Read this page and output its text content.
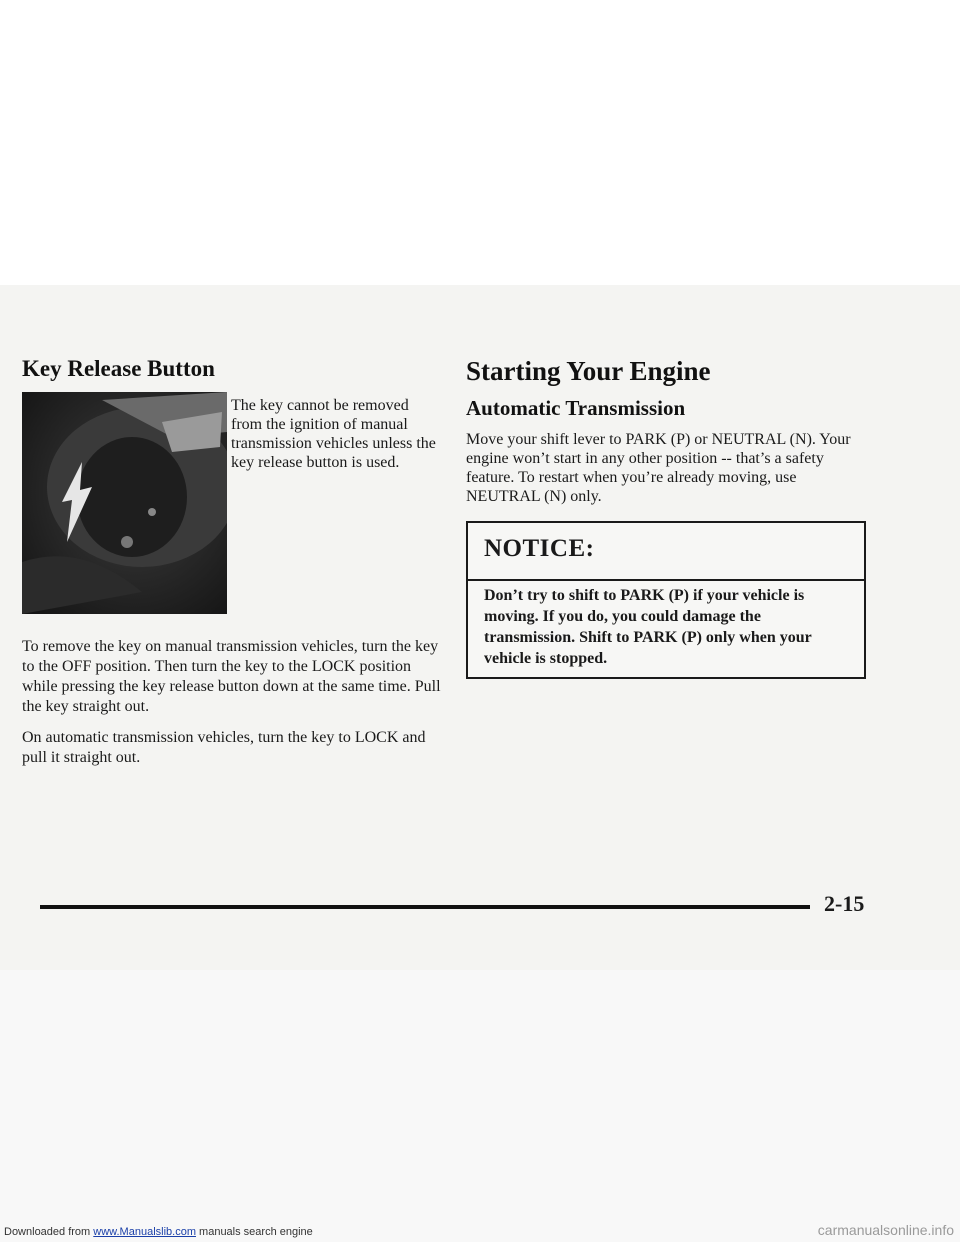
Key Release Button

The key cannot be removed from the ignition of manual transmission vehicles unless the key release button is used.

To remove the key on manual transmission vehicles, turn the key to the OFF position. Then turn the key to the LOCK position while pressing the key release button down at the same time. Pull the key straight out.

On automatic transmission vehicles, turn the key to LOCK and pull it straight out.

Starting Your Engine
Automatic Transmission

Move your shift lever to PARK (P) or NEUTRAL (N). Your engine won’t start in any other position -- that’s a safety feature. To restart when you’re already moving, use NEUTRAL (N) only.

NOTICE:

Don’t try to shift to PARK (P) if your vehicle is moving. If you do, you could damage the transmission. Shift to PARK (P) only when your vehicle is stopped.

2-15

Downloaded from www.Manualslib.com manuals search engine	carmanualsonline.info
